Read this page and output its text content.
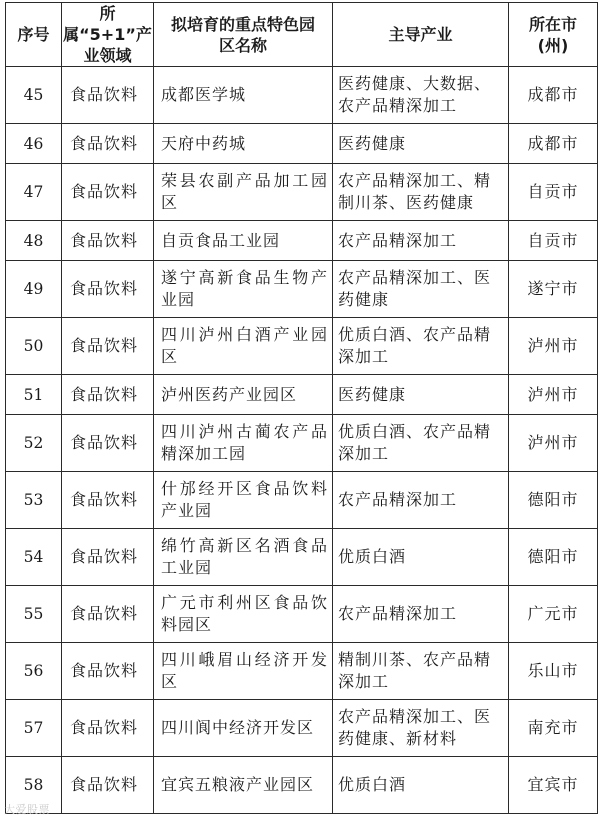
序号	所属“5+1”产业领域	拟培育的重点特色园区名称	主导产业	所在市(州)
45	食品饮料	成都医学城	医药健康、大数据、农产品精深加工	成都市
46	食品饮料	天府中药城	医药健康	成都市
47	食品饮料	荣县农副产品加工园区	农产品精深加工、精制川茶、医药健康	自贡市
48	食品饮料	自贡食品工业园	农产品精深加工	自贡市
49	食品饮料	遂宁高新食品生物产业园	农产品精深加工、医药健康	遂宁市
50	食品饮料	四川泸州白酒产业园区	优质白酒、农产品精深加工	泸州市
51	食品饮料	泸州医药产业园区	医药健康	泸州市
52	食品饮料	四川泸州古蔺农产品精深加工园	优质白酒、农产品精深加工	泸州市
53	食品饮料	什邡经开区食品饮料产业园	农产品精深加工	德阳市
54	食品饮料	绵竹高新区名酒食品工业园	优质白酒	德阳市
55	食品饮料	广元市利州区食品饮料园区	农产品精深加工	广元市
56	食品饮料	四川峨眉山经济开发区	精制川茶、农产品精深加工	乐山市
57	食品饮料	四川阆中经济开发区	农产品精深加工、医药健康、新材料	南充市
58	食品饮料	宜宾五粮液产业园区	优质白酒	宜宾市
大爱股票
